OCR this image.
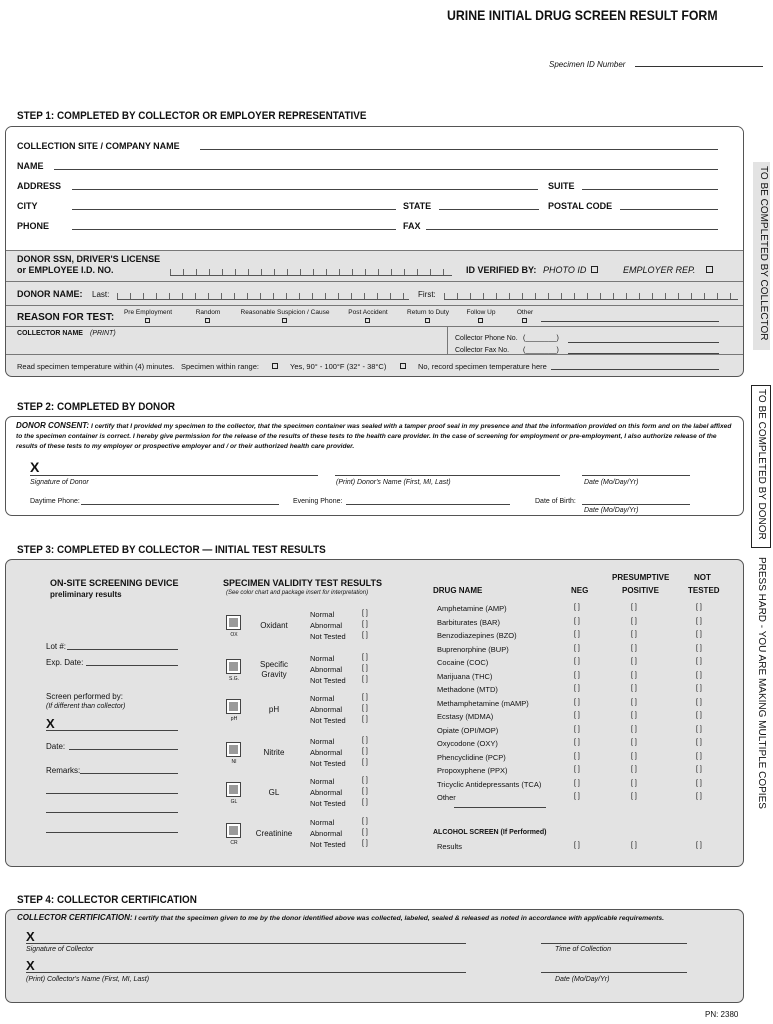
URINE INITIAL DRUG SCREEN RESULT FORM
Specimen ID Number
STEP 1: COMPLETED BY COLLECTOR OR EMPLOYER REPRESENTATIVE
COLLECTION SITE / COMPANY NAME
NAME
ADDRESS	SUITE
CITY	STATE	POSTAL CODE
PHONE	FAX
DONOR SSN, DRIVER'S LICENSE
or EMPLOYEE I.D. NO.	ID VERIFIED BY: PHOTO ID	EMPLOYER REP.
DONOR NAME: Last:	First:
REASON FOR TEST:	Pre Employment	Random	Reasonable Suspicion / Cause	Post Accident	Return to Duty	Follow Up	Other
COLLECTOR NAME (PRINT)
Collector Phone No. (________)
Collector Fax No. (________)
Read specimen temperature within (4) minutes. Specimen within range:	Yes, 90° - 100°F (32° - 38°C)	No, record specimen temperature here
STEP 2: COMPLETED BY DONOR
DONOR CONSENT: I certify that I provided my specimen to the collector, that the specimen container was sealed with a tamper proof seal in my presence and that the information provided on this form and on the label affixed to the specimen container is correct. I hereby give permission for the release of the results of these tests to the health care provider. In the case of screening for employment or pre-employment, I also authorize release of the results of these tests to my employer or prospective employer and / or their authorized health care provider.
X
Signature of Donor	(Print) Donor's Name (First, MI, Last)	Date (Mo/Day/Yr)
Daytime Phone:	Evening Phone:	Date of Birth:
Date (Mo/Day/Yr)
STEP 3: COMPLETED BY COLLECTOR — INITIAL TEST RESULTS
ON-SITE SCREENING DEVICE
preliminary results
Lot #:
Exp. Date:
Screen performed by:
(If different than collector)
X
Date:
Remarks:
SPECIMEN VALIDITY TEST RESULTS
(See color chart and package insert for interpretation)
OX
Oxidant
Normal	[ ]
Abnormal	[ ]
Not Tested [ ]
S.G.
Specific Gravity
Normal	[ ]
Abnormal	[ ]
Not Tested [ ]
pH
pH
Normal	[ ]
Abnormal	[ ]
Not Tested [ ]
NI
Nitrite
Normal	[ ]
Abnormal	[ ]
Not Tested [ ]
GL
GL
Normal	[ ]
Abnormal	[ ]
Not Tested [ ]
CR
Creatinine
Normal	[ ]
Abnormal	[ ]
Not Tested [ ]
DRUG NAME	NEG
PRESUMPTIVE
POSITIVE
NOT
TESTED
Amphetamine (AMP)	[ ]	[ ]	[ ]
Barbiturates (BAR)	[ ]	[ ]	[ ]
Benzodiazepines (BZO)	[ ]	[ ]	[ ]
Buprenorphine (BUP)	[ ]	[ ]	[ ]
Cocaine (COC)	[ ]	[ ]	[ ]
Marijuana (THC)	[ ]	[ ]	[ ]
Methadone (MTD)	[ ]	[ ]	[ ]
Methamphetamine (mAMP)	[ ]	[ ]	[ ]
Ecstasy (MDMA)	[ ]	[ ]	[ ]
Opiate (OPI/MOP)	[ ]	[ ]	[ ]
Oxycodone (OXY)	[ ]	[ ]	[ ]
Phencyclidine (PCP)	[ ]	[ ]	[ ]
Propoxyphene (PPX)	[ ]	[ ]	[ ]
Tricyclic Antidepressants (TCA)	[ ]	[ ]	[ ]
Other	[ ]	[ ]	[ ]
ALCOHOL SCREEN (If Performed)
Results	[ ]	[ ]	[ ]
STEP 4: COLLECTOR CERTIFICATION
COLLECTOR CERTIFICATION: I certify that the specimen given to me by the donor identified above was collected, labeled, sealed & released as noted in accordance with applicable requirements.
X
Signature of Collector	Time of Collection
X
(Print) Collector's Name (First, MI, Last)	Date (Mo/Day/Yr)
TO BE COMPLETED BY COLLECTOR
TO BE COMPLETED BY DONOR
PRESS HARD - YOU ARE MAKING MULTIPLE COPIES
PN: 2380
